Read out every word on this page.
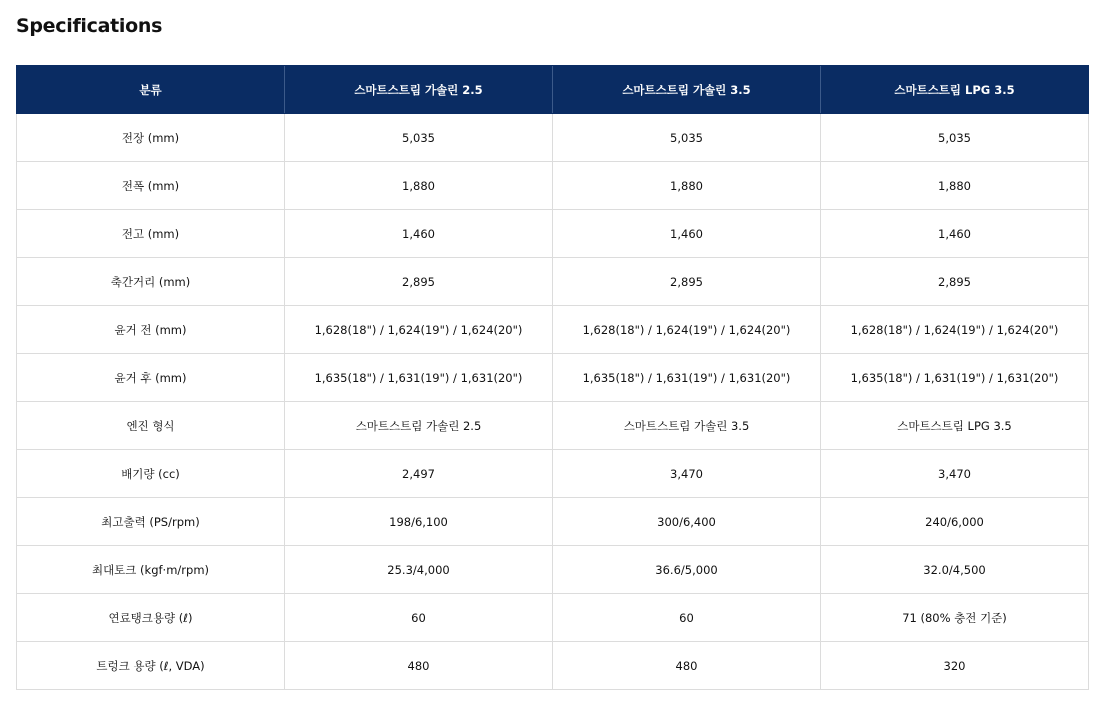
Specifications
분류	스마트스트림 가솔린 2.5	스마트스트림 가솔린 3.5	스마트스트림 LPG 3.5
전장 (mm)	5,035	5,035	5,035
전폭 (mm)	1,880	1,880	1,880
전고 (mm)	1,460	1,460	1,460
축간거리 (mm)	2,895	2,895	2,895
윤거 전 (mm)	1,628(18") / 1,624(19") / 1,624(20")	1,628(18") / 1,624(19") / 1,624(20")	1,628(18") / 1,624(19") / 1,624(20")
윤거 후 (mm)	1,635(18") / 1,631(19") / 1,631(20")	1,635(18") / 1,631(19") / 1,631(20")	1,635(18") / 1,631(19") / 1,631(20")
엔진 형식	스마트스트림 가솔린 2.5	스마트스트림 가솔린 3.5	스마트스트림 LPG 3.5
배기량 (cc)	2,497	3,470	3,470
최고출력 (PS/rpm)	198/6,100	300/6,400	240/6,000
최대토크 (kgf·m/rpm)	25.3/4,000	36.6/5,000	32.0/4,500
연료탱크용량 (ℓ)	60	60	71 (80% 충전 기준)
트렁크 용량 (ℓ, VDA)	480	480	320
